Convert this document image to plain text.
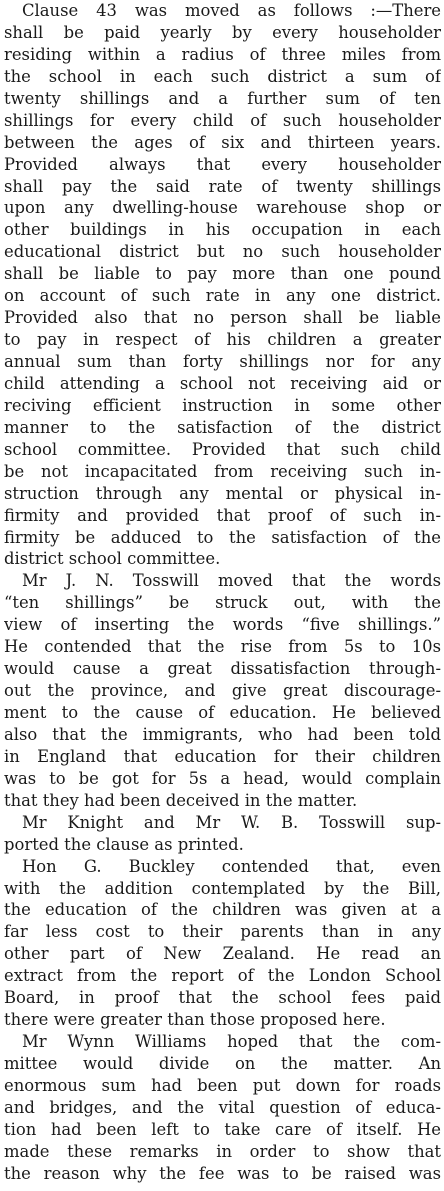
Clause 43 was moved as follows :—There
shall be paid yearly by every householder
residing within a radius of three miles from
the school in each such district a sum of
twenty shillings and a further sum of ten
shillings for every child of such householder
between the ages of six and thirteen years.
Provided always that every householder
shall pay the said rate of twenty shillings
upon any dwelling-house warehouse shop or
other buildings in his occupation in each
educational district but no such householder
shall be liable to pay more than one pound
on account of such rate in any one district.
Provided also that no person shall be liable
to pay in respect of his children a greater
annual sum than forty shillings nor for any
child attending a school not receiving aid or
reciving efficient instruction in some other
manner to the satisfaction of the district
school committee. Provided that such child
be not incapacitated from receiving such in-
struction through any mental or physical in-
firmity and provided that proof of such in-
firmity be adduced to the satisfaction of the
district school committee.
Mr J. N. Tosswill moved that the words
“ten shillings” be struck out, with the
view of inserting the words “five shillings.”
He contended that the rise from 5s to 10s
would cause a great dissatisfaction through-
out the province, and give great discourage-
ment to the cause of education. He believed
also that the immigrants, who had been told
in England that education for their children
was to be got for 5s a head, would complain
that they had been deceived in the matter.
Mr Knight and Mr W. B. Tosswill sup-
ported the clause as printed.
Hon G. Buckley contended that, even
with the addition contemplated by the Bill,
the education of the children was given at a
far less cost to their parents than in any
other part of New Zealand. He read an
extract from the report of the London School
Board, in proof that the school fees paid
there were greater than those proposed here.
Mr Wynn Williams hoped that the com-
mittee would divide on the matter. An
enormous sum had been put down for roads
and bridges, and the vital question of educa-
tion had been left to take care of itself. He
made these remarks in order to show that
the reason why the fee was to be raised was
